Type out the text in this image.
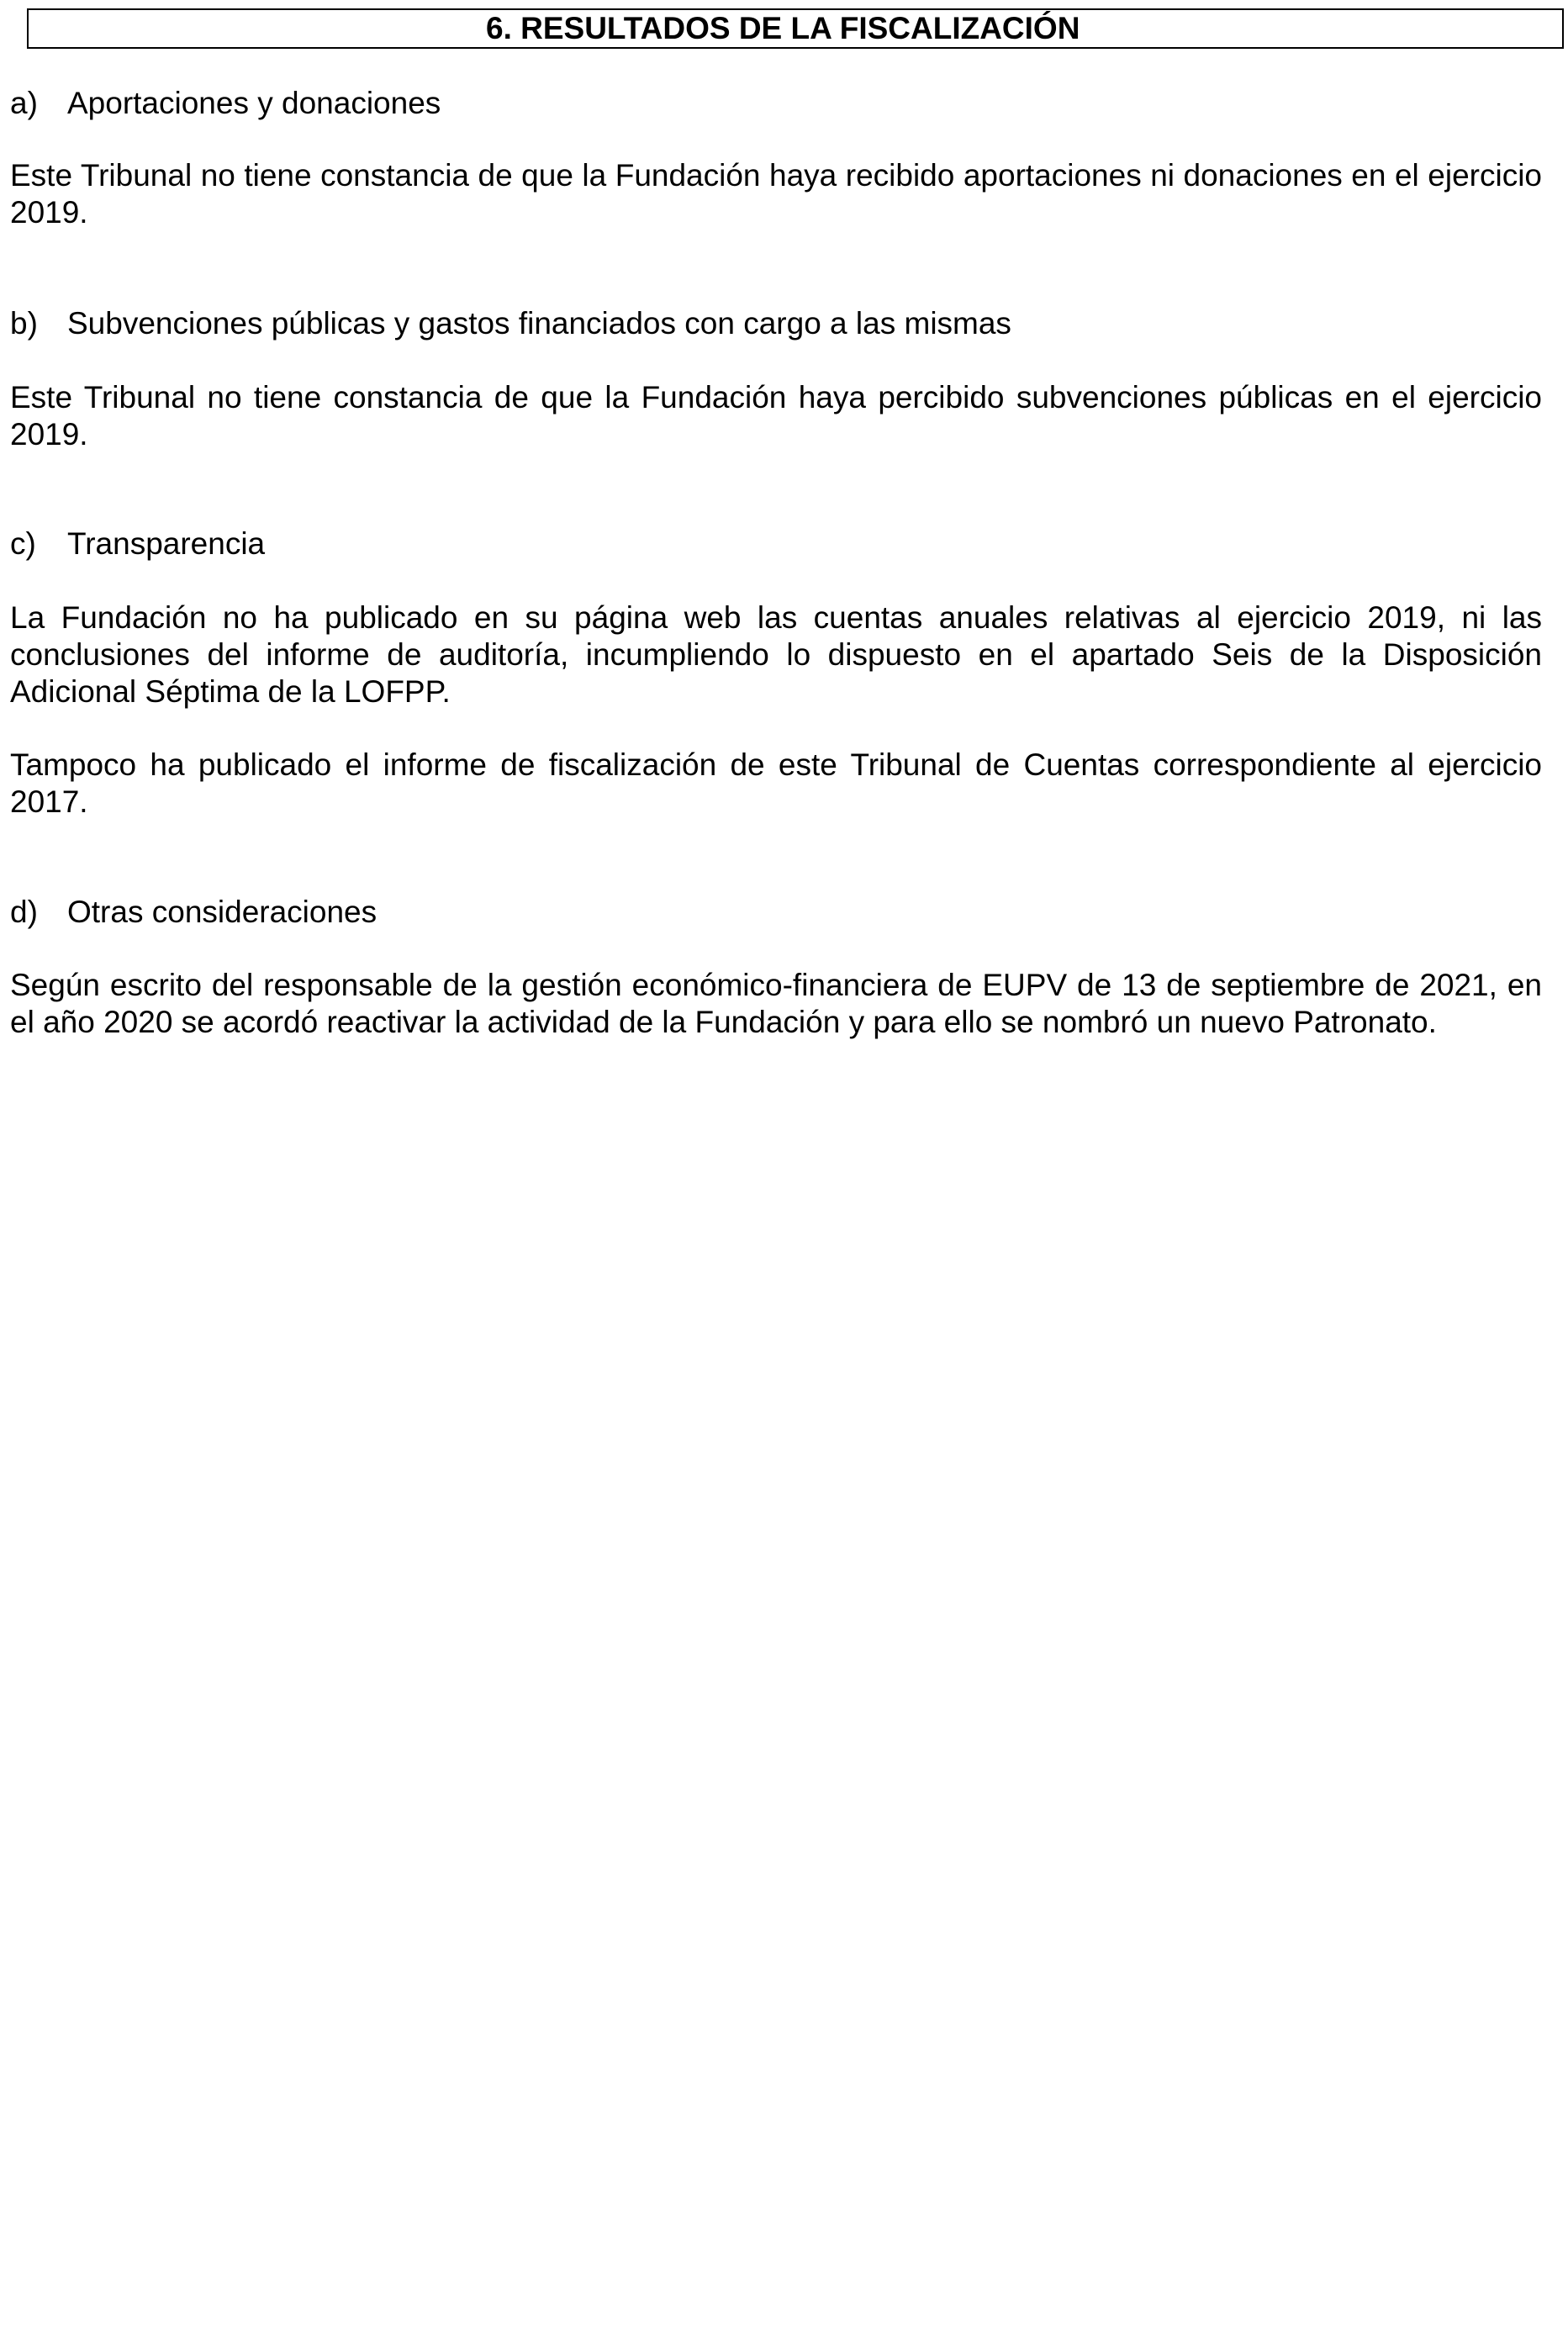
6. RESULTADOS DE LA FISCALIZACIÓN
a) Aportaciones y donaciones
Este Tribunal no tiene constancia de que la Fundación haya recibido aportaciones ni donaciones en el ejercicio
2019.
b) Subvenciones públicas y gastos financiados con cargo a las mismas
Este Tribunal no tiene constancia de que la Fundación haya percibido subvenciones públicas en el ejercicio
2019.
c) Transparencia
La Fundación no ha publicado en su página web las cuentas anuales relativas al ejercicio 2019, ni las
conclusiones del informe de auditoría, incumpliendo lo dispuesto en el apartado Seis de la Disposición
Adicional Séptima de la LOFPP.
Tampoco ha publicado el informe de fiscalización de este Tribunal de Cuentas correspondiente al ejercicio
2017.
d) Otras consideraciones
Según escrito del responsable de la gestión económico-financiera de EUPV de 13 de septiembre de 2021, en
el año 2020 se acordó reactivar la actividad de la Fundación y para ello se nombró un nuevo Patronato.
